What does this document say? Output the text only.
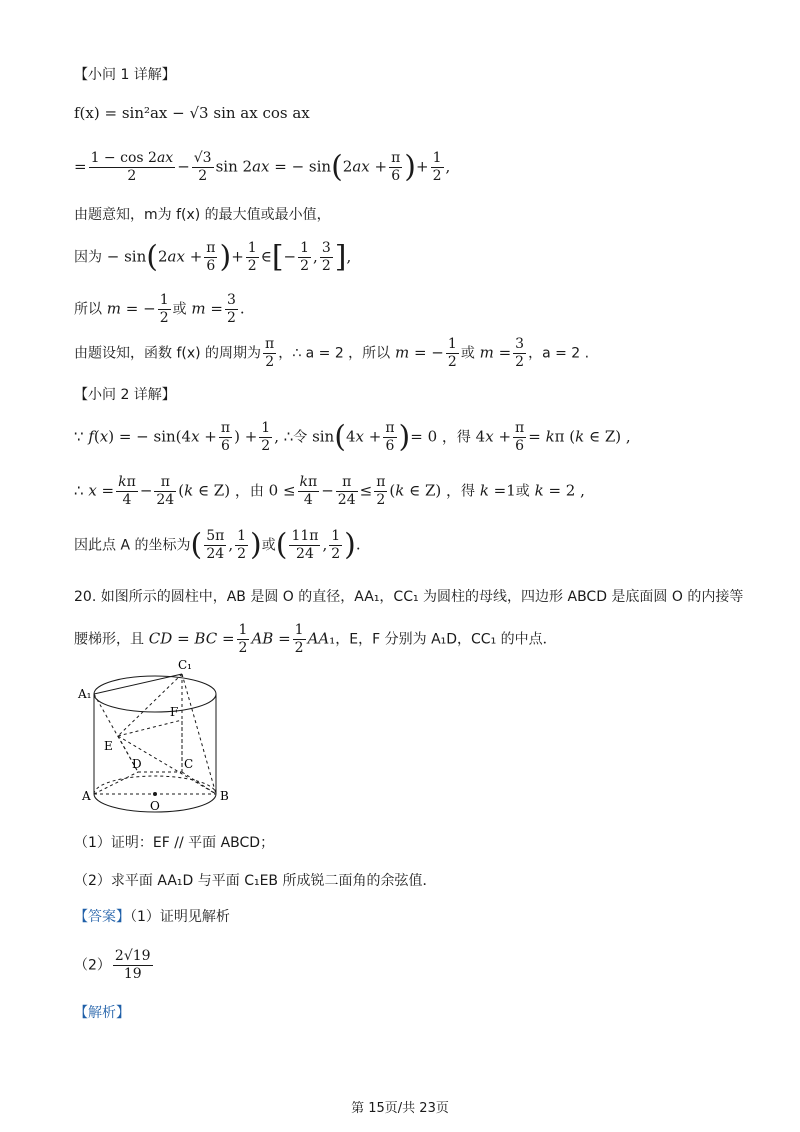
【小问 1 详解】
f(x) = sin²ax − √3 sin ax cos ax
= $\frac{1 - \cos 2ax}{2} - \frac{√3}{2}$ sin 2ax = − $\sin(2ax + \frac{\pi}{6}$ )+ $\frac{1}{2}$ ,
由题意知，m为 f(x) 的最大值或最小值，
因为 − $\sin(2ax + \frac{\pi}{6}$ )+ $\frac{1}{2}$ ∈[− $\frac{1}{2}$ , $\frac{3}{2}$ ],
所以 m = − $\frac{1}{2}$ 或 $m = \frac{3}{2}$ .
由题设知，函数 f(x) 的周期为 $\frac{\pi}{2}$ ，∴ a = 2 ，所以 m = − $\frac{1}{2}$ 或 $m = \frac{3}{2}$ ，a = 2 .
【小问 2 详解】
∵ f(x) = − $\sin(4x + \frac{\pi}{6}$ ) + $\frac{1}{2}$ , ∴令 $\sin(4x + \frac{\pi}{6}$ )= 0 ，得 $4x + \frac{\pi}{6} = k\pi$ (k ∈ Z) ,
∴ $x = \frac{k\pi}{4} - \frac{\pi}{24} (k$ ∈ Z) ，由 $0 \le \frac{k\pi}{4} - \frac{\pi}{24} \le \frac{\pi}{2} (k$ ∈ Z) ，得 k =1或 k = 2 ,
因此点 A 的坐标为( $\frac{5\pi}{24}$ , $\frac{1}{2}$ )或( $\frac{11\pi}{24}$ , $\frac{1}{2}$ ).
20. 如图所示的圆柱中，AB 是圆 O 的直径，AA₁，CC₁ 为圆柱的母线，四边形 ABCD 是底面圆 O 的内接等
腰梯形，且 CD = BC = $\frac{1}{2}$ AB = $\frac{1}{2} AA_1$，E，F 分别为 A₁D，CC₁ 的中点．
A₁
C₁
F
E
D	C
A	B
O
（1）证明：EF // 平面 ABCD；
（2）求平面 AA₁D 与平面 C₁EB 所成锐二面角的余弦值．
【答案】（1）证明见解析
$(2) \frac{2√19}{19}$
【解析】
第 15页/共 23页
